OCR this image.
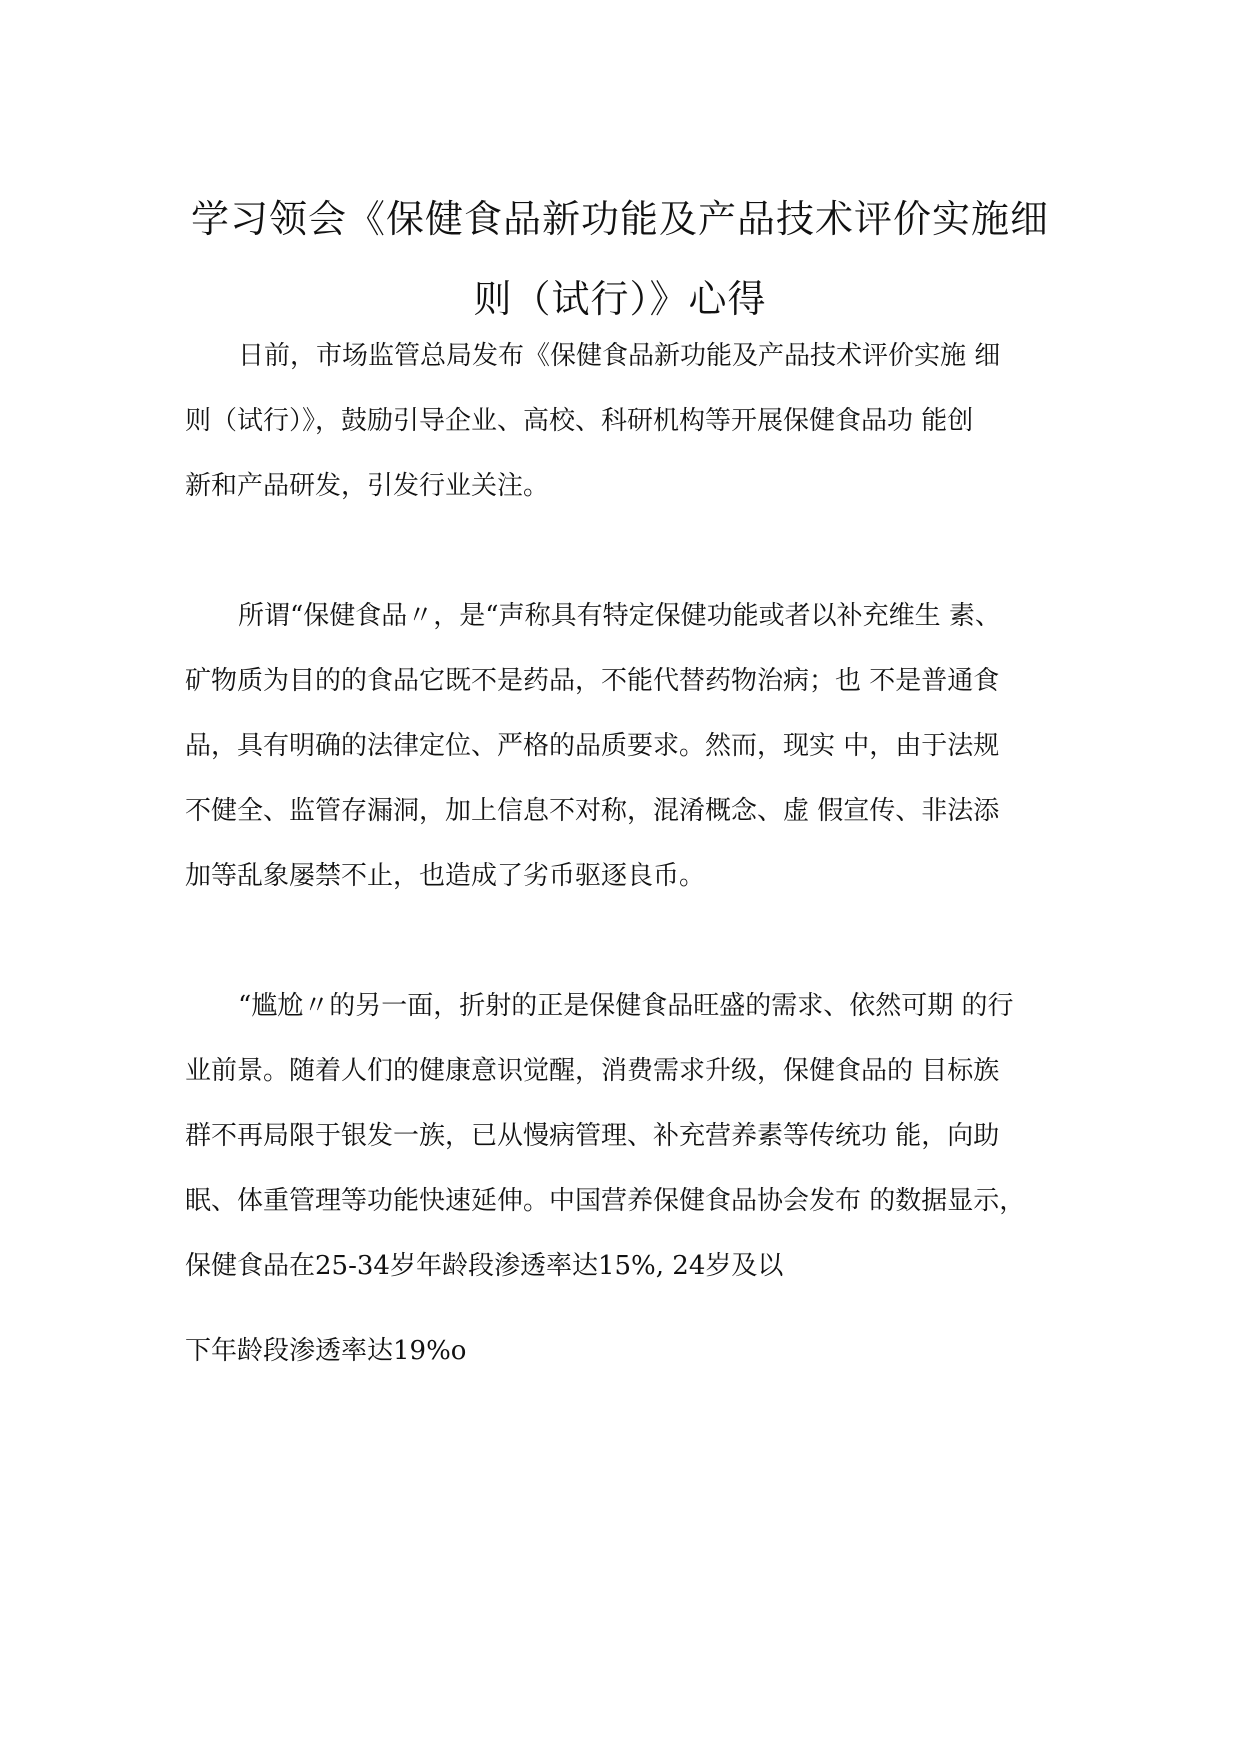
学习领会《保健食品新功能及产品技术评价实施细
则（试行）》心得
日前，市场监管总局发布《保健食品新功能及产品技术评价实施 细
则（试行）》，鼓励引导企业、高校、科研机构等开展保健食品功 能创
新和产品研发，引发行业关注。
所谓“保健食品〃，是“声称具有特定保健功能或者以补充维生 素、
矿物质为目的的食品它既不是药品，不能代替药物治病；也 不是普通食
品，具有明确的法律定位、严格的品质要求。然而，现实 中，由于法规
不健全、监管存漏洞，加上信息不对称，混淆概念、虚 假宣传、非法添
加等乱象屡禁不止，也造成了劣币驱逐良币。
“尴尬〃的另一面，折射的正是保健食品旺盛的需求、依然可期 的行
业前景。随着人们的健康意识觉醒，消费需求升级，保健食品的 目标族
群不再局限于银发一族，已从慢病管理、补充营养素等传统功 能，向助
眠、体重管理等功能快速延伸。中国营养保健食品协会发布 的数据显示，
保健食品在25-34岁年龄段渗透率达15%, 24岁及以
下年龄段渗透率达19%o
